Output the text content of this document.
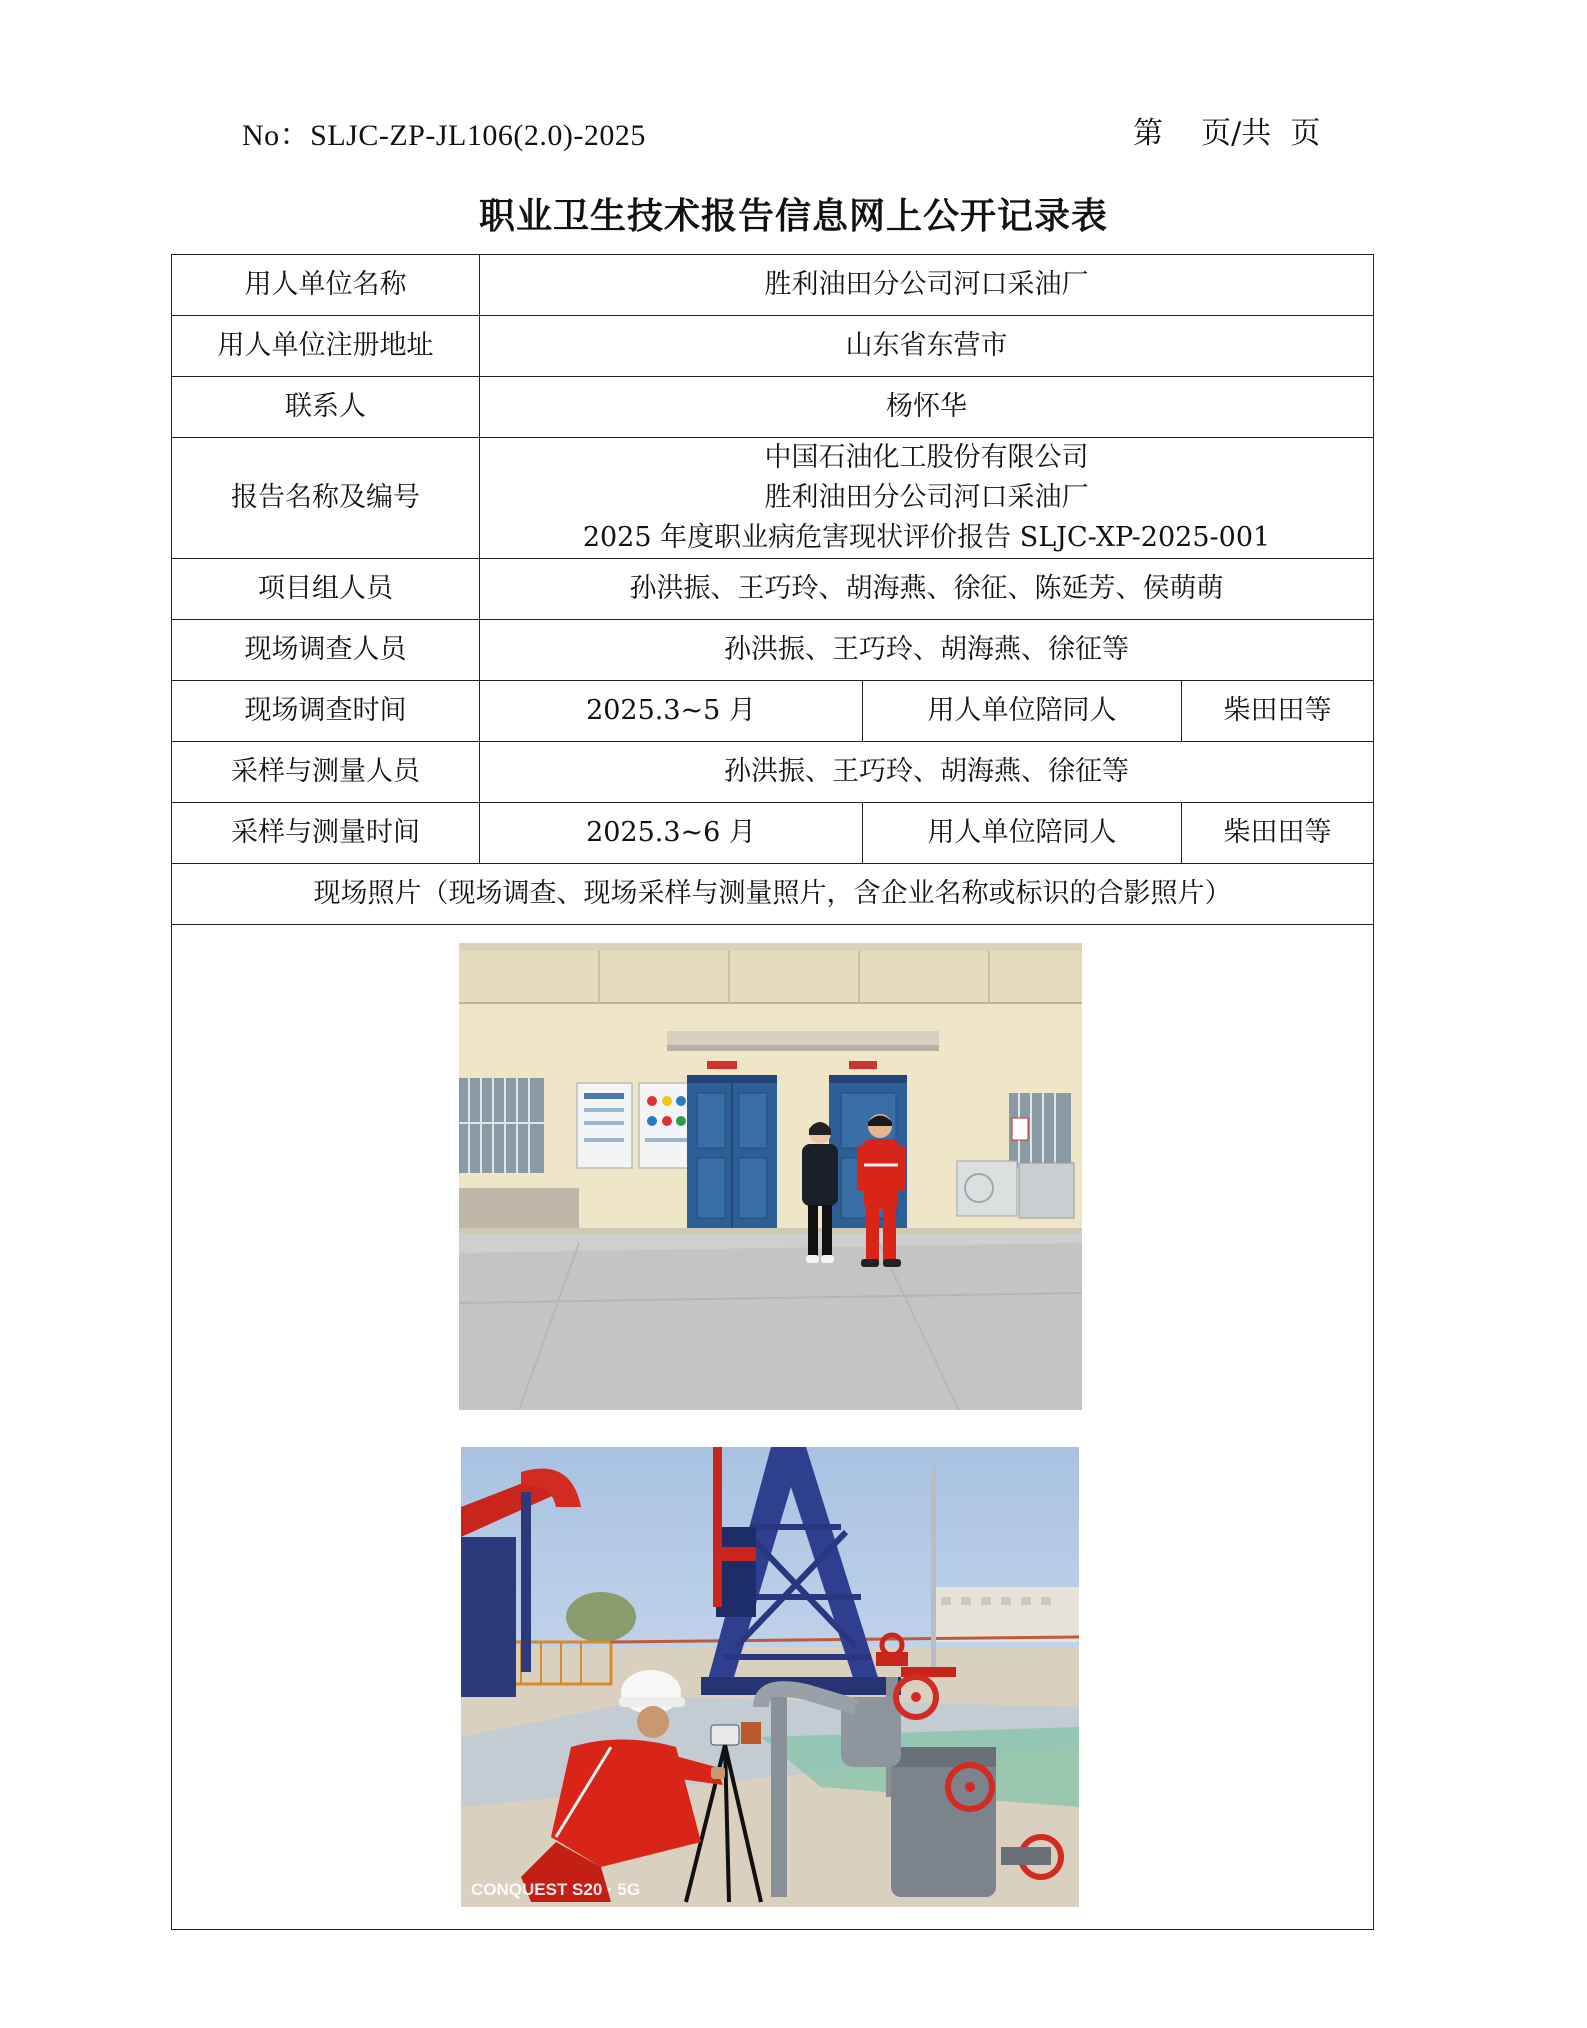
No：SLJC-ZP-JL106(2.0)-2025	第    页/共  页
职业卫生技术报告信息网上公开记录表
用人单位名称	胜利油田分公司河口采油厂		
用人单位注册地址	山东省东营市		
联系人	杨怀华		
报告名称及编号	中国石油化工股份有限公司
胜利油田分公司河口采油厂
2025 年度职业病危害现状评价报告 SLJC-XP-2025-001		

项目组人员	孙洪振、王巧玲、胡海燕、徐征、陈延芳、侯萌萌		
现场调查人员	孙洪振、王巧玲、胡海燕、徐征等		
现场调查时间	2025.3~5 月	用人单位陪同人	柴田田等
采样与测量人员	孙洪振、王巧玲、胡海燕、徐征等		
采样与测量时间	2025.3~6 月	用人单位陪同人	柴田田等
现场照片（现场调查、现场采样与测量照片，含企业名称或标识的合影照片）			

CONQUEST S20 · 5G			
